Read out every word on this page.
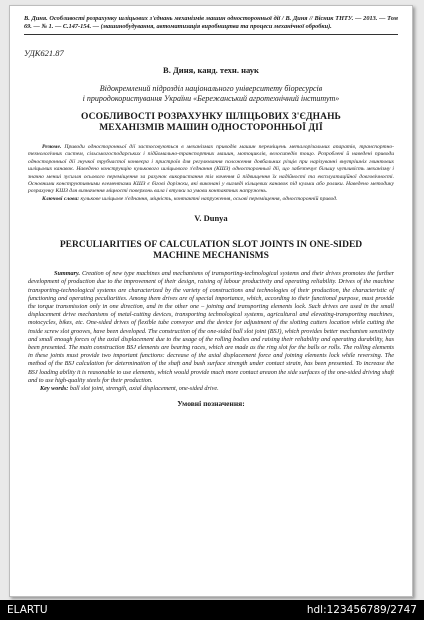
В. Диня. Особливості розрахунку шліцьових з'єднань механізмів машин односторонньої дії / В. Диня // Вісник ТНТУ. — 2013. — Том 69. — № 1. — С.147-154. — (машинобудування, автоматизація виробництва та процеси механічної обробки).
УДК621.87
В. Диня, канд. техн. наук
Відокремлений підрозділ національного університету біоресурсів
і природокористування України «Бережанський агротехнічний інститут»
ОСОБЛИВОСТІ РОЗРАХУНКУ ШЛІЦЬОВИХ З'ЄДНАНЬ
МЕХАНІЗМІВ МАШИН ОДНОСТОРОННЬОЇ ДІЇ
Резюме. Приводи односторонньої дії застосовуються в механізмах приводів машин переміщень металорізальних апаратів, транспортно-технологічних систем, сільськогосподарських і підйомально-транспортних машин, мотоциклів, велосипедів тощо. Розроблені й наведені приводи односторонньої дії гнучкої трубчастої конвеєра і пристроїв для регулювання положення довбальних різців при нарізуванні внутрішніх гвинтових шліцьових канавок. Наведено конструкцію кулькового шліцьового з'єднання (КШЗ) односторонньої дії, що забезпечує більшу чутливість механізму і значно менші зусилля осьового переміщення за рахунок використання тіл кочення й підвищення їх надійності та експлуатаційної довговічності. Основними конструктивними елементами КШЗ є бігові доріжки, які виконані у вигляді кільцевих канавок під кульки або ролики. Наведено методику розрахунку КШЗ для визначення міцності поверхонь вала і втулки за умови контактних напружень.
Ключові слова: кулькове шліцьове з'єднання, міцність, контактні напруження, осьові переміщення, односторонній привод.
V. Dunya
PERCULIARITIES OF CALCULATION SLOT JOINTS IN ONE-SIDED
MACHINE MECHANISMS
Summary. Creation of new type machines and mechanisms of transporting-technological systems and their drives promotes the further development of production due to the improvement of their design, raising of labour productivity and operating reliability. Drives of the machine transporting-technological systems are characterized by the variety of constructions and technologies of their production, the characteristic of functioning and operating peculiarities. Among them drives are of special importance, which, according to their functional purpose, must provide the torque transmission only in one direction, and in the other one – joining and transporting elements lock. Such drives are used in the small displacement drive mechanisms of metal-cutting devices, transporting technological systems, agricultural and elevating-transporting machines, motocycles, bikes, etc. One-sided drives of flexible tube conveyor and the device for adjustment of the slotting cutters location while cutting the inside screw slot grooves, have been developed. The construction of the one-sided ball slot joint (BSJ), which provides better mechanism sensitivity and small enough forces of the axial displacement due to the usage of the rolling bodies and raising their reliability and operating durability, has been presented. The main construction BSJ elements are bearing races, which are made as the ring slot for the balls or rolls. The rolling elements in these joints must provide two important functions: decrease of the axial displacement force and joining elements lock while reversing. The method of the BSJ calculation for determination of the shaft and bush surface strength under contact strain, has been presented. To increase the BSJ loading ability it is reasonable to use elements, which would provide much more contact areaon the side surfaces of the one-sided driving shaft and to use high-quality steels for their production.
Key words: ball slot joint, strength, axial displacement, one-sided drive.
Умовні позначення:
ELARTU	hdl:123456789/2747
